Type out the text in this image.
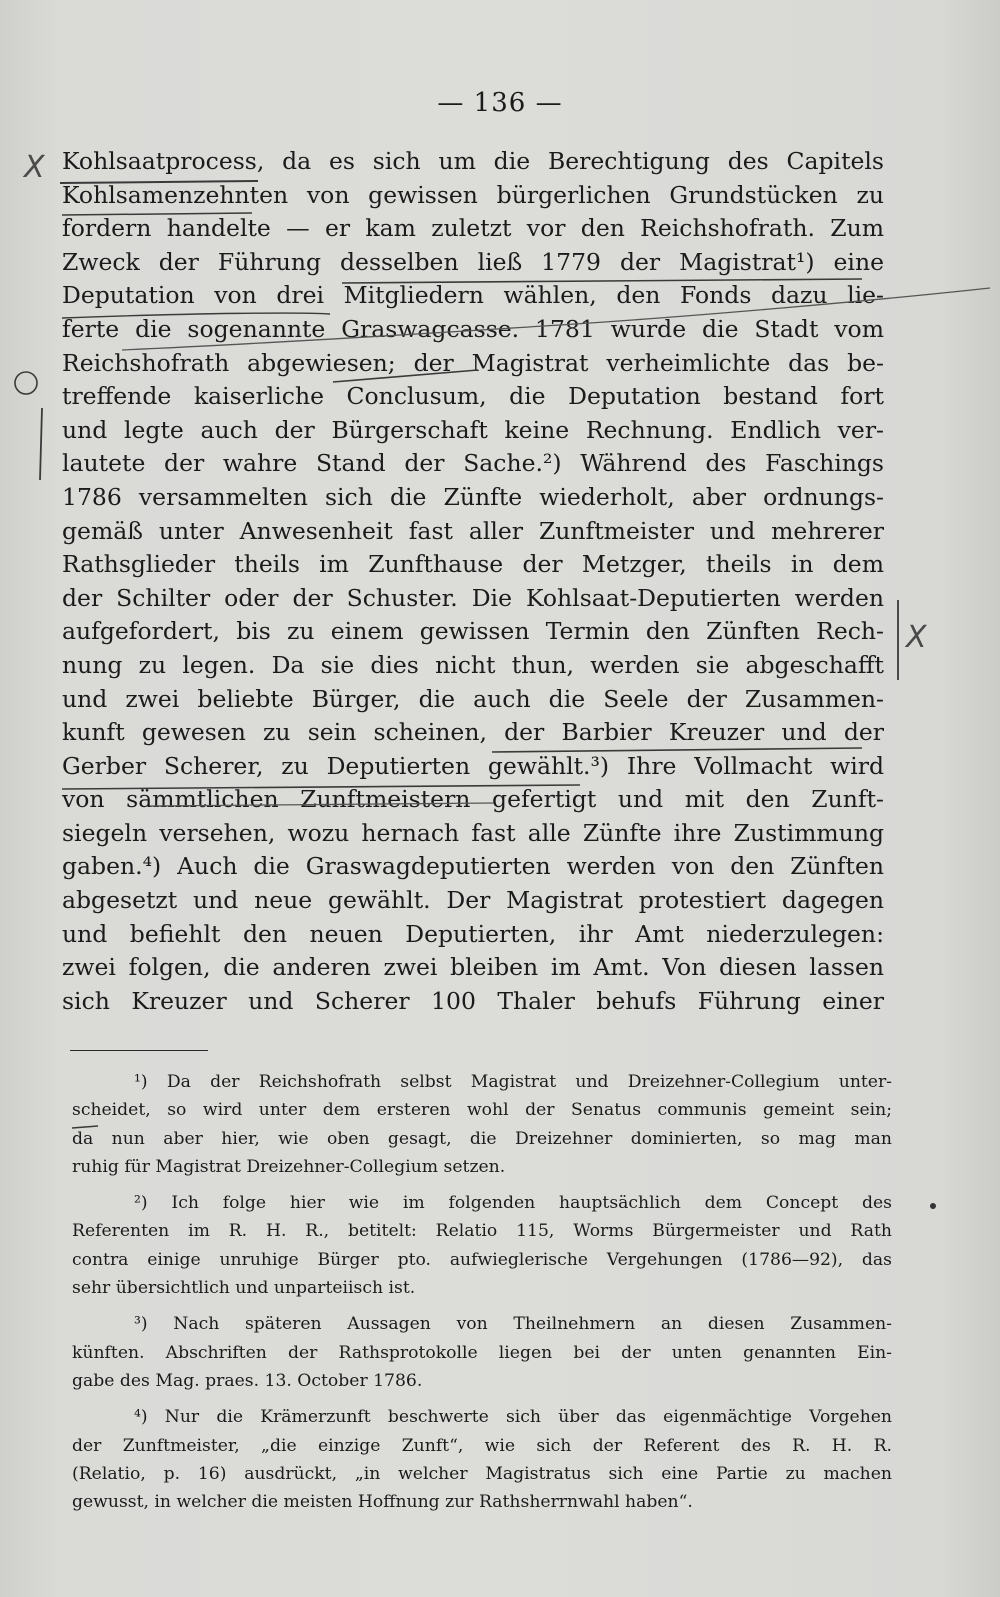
— 136 —
Kohlsaatprocess, da es sich um die Berechtigung des Capitels
Kohlsamenzehnten von gewissen bürgerlichen Grundstücken zu
fordern handelte — er kam zuletzt vor den Reichshofrath. Zum
Zweck der Führung desselben ließ 1779 der Magistrat¹) eine
Deputation von drei Mitgliedern wählen, den Fonds dazu lie-
ferte die sogenannte Graswagcasse. 1781 wurde die Stadt vom
Reichshofrath abgewiesen; der Magistrat verheimlichte das be-
treffende kaiserliche Conclusum, die Deputation bestand fort
und legte auch der Bürgerschaft keine Rechnung. Endlich ver-
lautete der wahre Stand der Sache.²) Während des Faschings
1786 versammelten sich die Zünfte wiederholt, aber ordnungs-
gemäß unter Anwesenheit fast aller Zunftmeister und mehrerer
Rathsglieder theils im Zunfthause der Metzger, theils in dem
der Schilter oder der Schuster. Die Kohlsaat-Deputierten werden
aufgefordert, bis zu einem gewissen Termin den Zünften Rech-
nung zu legen. Da sie dies nicht thun, werden sie abgeschafft
und zwei beliebte Bürger, die auch die Seele der Zusammen-
kunft gewesen zu sein scheinen, der Barbier Kreuzer und der
Gerber Scherer, zu Deputierten gewählt.³) Ihre Vollmacht wird
von sämmtlichen Zunftmeistern gefertigt und mit den Zunft-
siegeln versehen, wozu hernach fast alle Zünfte ihre Zustimmung
gaben.⁴) Auch die Graswagdeputierten werden von den Zünften
abgesetzt und neue gewählt. Der Magistrat protestiert dagegen
und befiehlt den neuen Deputierten, ihr Amt niederzulegen:
zwei folgen, die anderen zwei bleiben im Amt. Von diesen lassen
sich Kreuzer und Scherer 100 Thaler behufs Führung einer
¹) Da der Reichshofrath selbst Magistrat und Dreizehner-Collegium unter-
scheidet, so wird unter dem ersteren wohl der Senatus communis gemeint sein;
da nun aber hier, wie oben gesagt, die Dreizehner dominierten, so mag man
ruhig für Magistrat Dreizehner-Collegium setzen.
²) Ich folge hier wie im folgenden hauptsächlich dem Concept des
Referenten im R. H. R., betitelt: Relatio 115, Worms Bürgermeister und Rath
contra einige unruhige Bürger pto. aufwieglerische Vergehungen (1786—92), das
sehr übersichtlich und unparteiisch ist.
³) Nach späteren Aussagen von Theilnehmern an diesen Zusammen-
künften. Abschriften der Rathsprotokolle liegen bei der unten genannten Ein-
gabe des Mag. praes. 13. October 1786.
⁴) Nur die Krämerzunft beschwerte sich über das eigenmächtige Vorgehen
der Zunftmeister, „die einzige Zunft“, wie sich der Referent des R. H. R.
(Relatio, p. 16) ausdrückt, „in welcher Magistratus sich eine Partie zu machen
gewusst, in welcher die meisten Hoffnung zur Rathsherrnwahl haben“.
X
X
